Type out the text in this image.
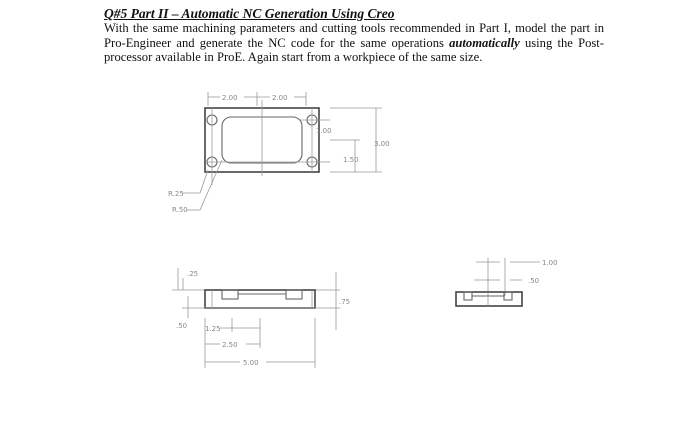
Q#5 Part II – Automatic NC Generation Using Creo

With the same machining parameters and cutting tools recommended in Part I, model the part in Pro-Engineer and generate the NC code for the same operations automatically using the Post-processor available in ProE. Again start from a workpiece of the same size.

2.00	2.00
1.00
3.00
1.50
R.25
R.50
.25
.75
.50	1.25
2.50
5.00
1.00
.50
